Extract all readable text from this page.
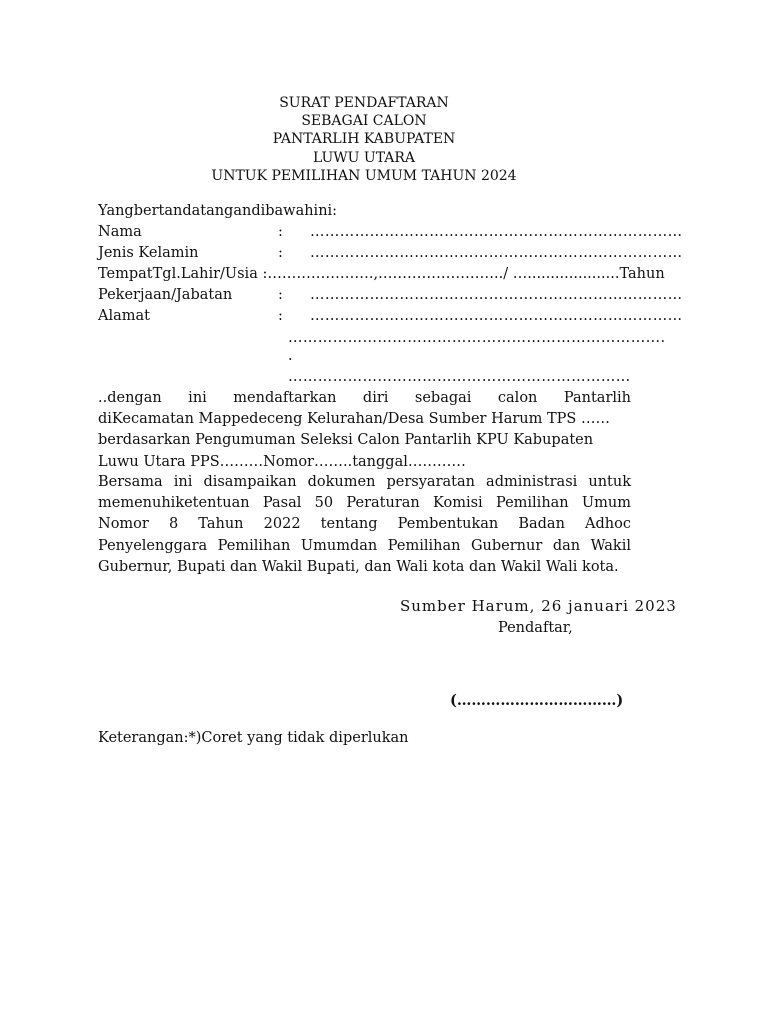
SURAT PENDAFTARAN
SEBAGAI CALON
PANTARLIH KABUPATEN
LUWU UTARA
UNTUK PEMILIHAN UMUM TAHUN 2024
Yangbertandatangandibawahini:
Nama	: …………………………………………………………………
Jenis Kelamin	: …………………………………………………………………
TempatTgl.Lahir/Usia :………………….,……………………../ …....................Tahun
Pekerjaan/Jabatan	: …………………………………………………………………
Alamat	: …………………………………………………………………
………………………………………………………………….
.
……………………………………………………………
..dengan ini mendaftarkan diri sebagai calon Pantarlih
diKecamatan Mappedeceng Kelurahan/Desa Sumber Harum TPS ……
berdasarkan Pengumuman Seleksi Calon Pantarlih KPU Kabupaten
Luwu Utara PPS………Nomor……..tanggal…………
Bersama ini disampaikan dokumen persyaratan administrasi untuk
memenuhiketentuan Pasal 50 Peraturan Komisi Pemilihan Umum
Nomor 8 Tahun 2022 tentang Pembentukan Badan Adhoc
Penyelenggara Pemilihan Umumdan Pemilihan Gubernur dan Wakil
Gubernur, Bupati dan Wakil Bupati, dan Wali kota dan Wakil Wali kota.
Sumber Harum, 26 januari 2023
Pendaftar,
(……………………………)
Keterangan:*)Coret yang tidak diperlukan
